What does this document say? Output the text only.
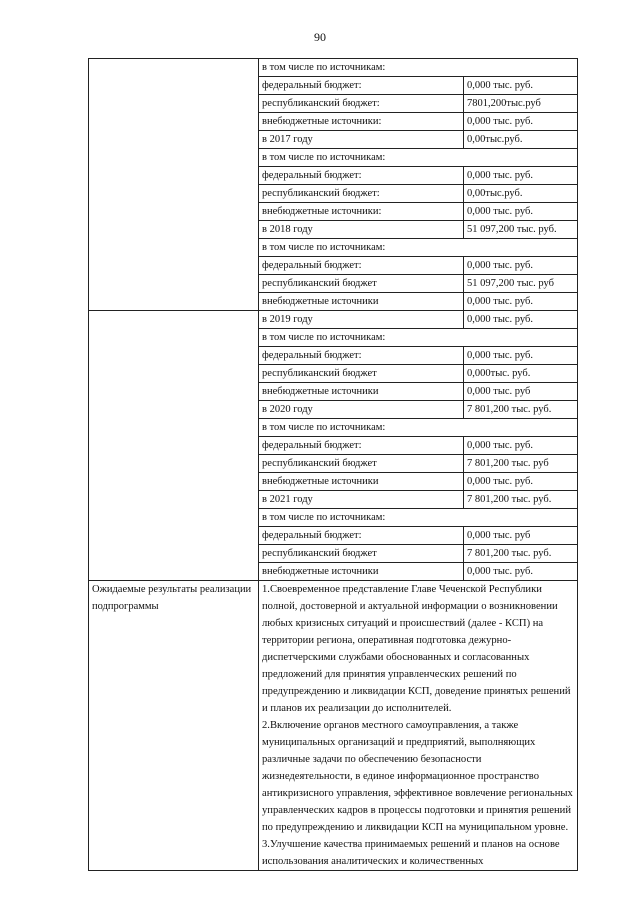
90
	в том числе по источникам:	
	федеральный бюджет:	0,000 тыс. руб.
	республиканский бюджет:	7801,200тыс.руб
	внебюджетные источники:	0,000 тыс. руб.
	в 2017 году	0,00тыс.руб.
	в том числе по источникам:	
	федеральный бюджет:	0,000 тыс. руб.
	республиканский бюджет:	0,00тыс.руб.
	внебюджетные источники:	0,000 тыс. руб.
	в 2018 году	51 097,200 тыс. руб.
	в том числе по источникам:	
	федеральный бюджет:	0,000 тыс. руб.
	республиканский бюджет	51 097,200 тыс. руб
	внебюджетные источники	0,000 тыс. руб.
	в 2019 году	0,000 тыс. руб.
	в том числе по источникам:	
	федеральный бюджет:	0,000 тыс. руб.
	республиканский бюджет	0,000тыс. руб.
	внебюджетные источники	0,000 тыс. руб
	в 2020 году	7 801,200 тыс. руб.
	в том числе по источникам:	
	федеральный бюджет:	0,000 тыс. руб.
	республиканский бюджет	7 801,200 тыс. руб
	внебюджетные источники	0,000 тыс. руб.
	в 2021 году	7 801,200 тыс. руб.
	в том числе по источникам:	
	федеральный бюджет:	0,000 тыс. руб
	республиканский бюджет	7 801,200 тыс. руб.
	внебюджетные источники	0,000 тыс. руб.
Ожидаемые результаты реализации подпрограммы	1.Своевременное представление Главе Чеченской Республики полной, достоверной и актуальной информации о возникновении любых кризисных ситуаций и происшествий (далее - КСП) на территории региона, оперативная подготовка дежурно-диспетчерскими службами обоснованных и согласованных предложений для принятия управленческих решений по предупреждению и ликвидации КСП, доведение принятых решений и планов их реализации до исполнителей.
2.Включение органов местного самоуправления, а также муниципальных организаций и предприятий, выполняющих различные задачи по обеспечению безопасности жизнедеятельности, в единое информационное пространство антикризисного управления, эффективное вовлечение региональных управленческих кадров в процессы подготовки и принятия решений по предупреждению и ликвидации КСП на муниципальном уровне.
3.Улучшение качества принимаемых решений и планов на основе использования аналитических и количественных	
